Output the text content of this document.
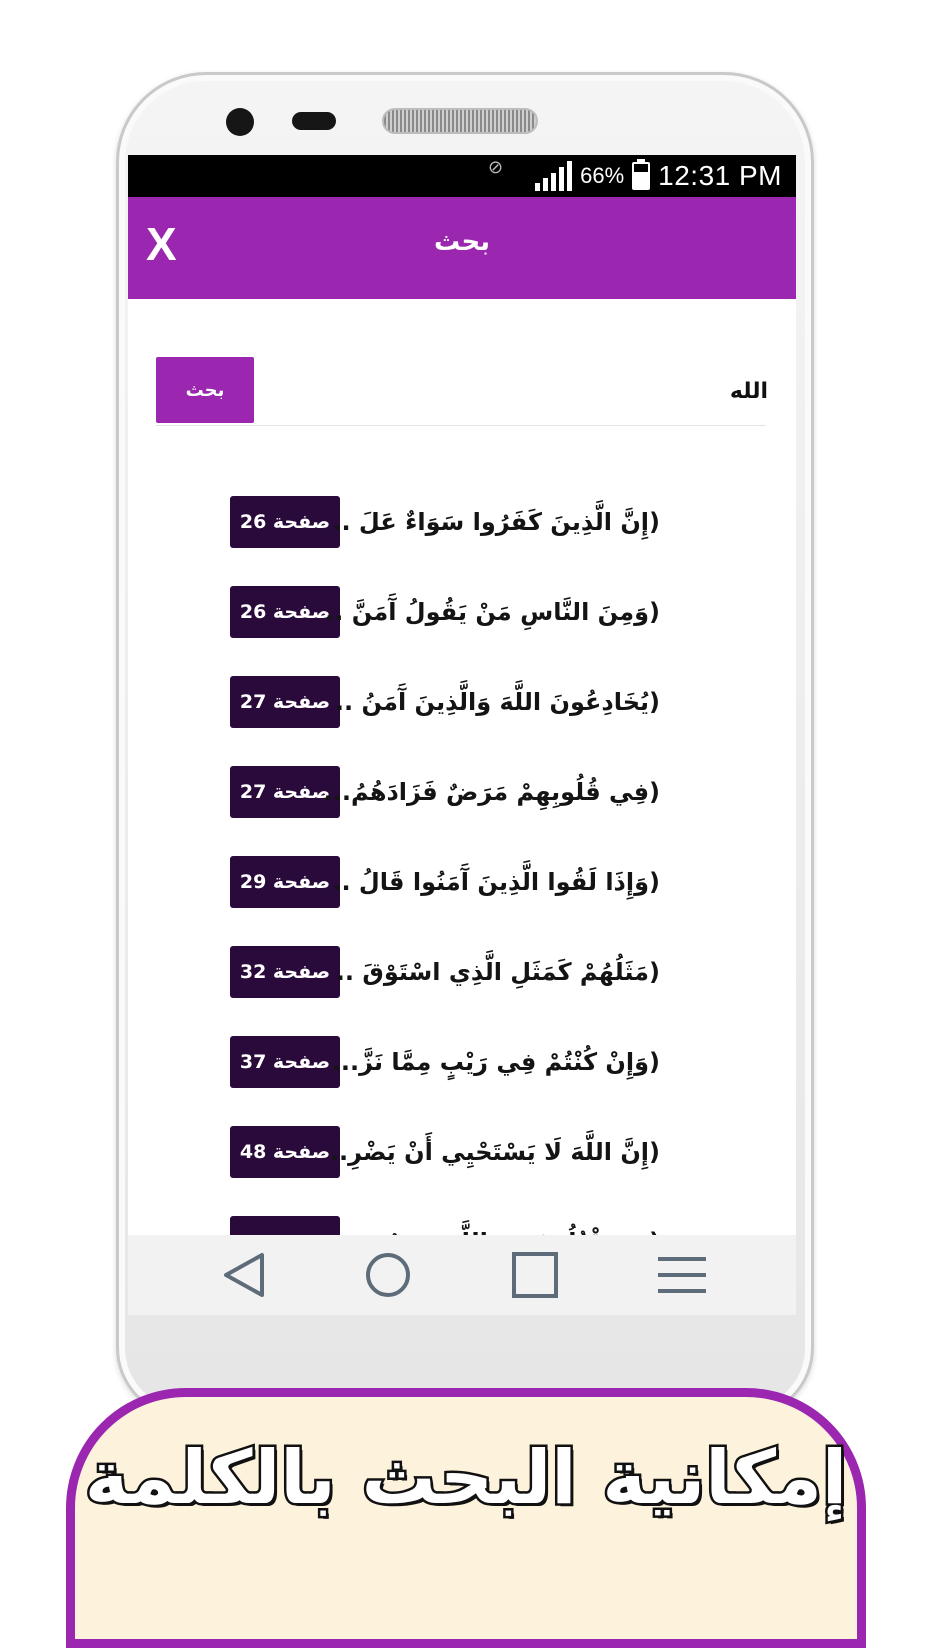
⊘	66% 12:31 PM
X	بحث
بحث
الله
صفحة 26 (إِنَّ الَّذِينَ كَفَرُوا سَوَاءٌ عَلَ ..
صفحة 26
(وَمِنَ النَّاسِ مَنْ يَقُولُ آَمَنَّ ..
صفحة 27 (يُخَادِعُونَ اللَّهَ وَالَّذِينَ آَمَنُ ..
صفحة 27
(فِي قُلُوبِهِمْ مَرَضٌ فَزَادَهُمُ...
صفحة 29 (وَإِذَا لَقُوا الَّذِينَ آَمَنُوا قَالُ ..
صفحة 32 (مَثَلُهُمْ كَمَثَلِ الَّذِي اسْتَوْقَ ..
صفحة 37 (وَإِنْ كُنْتُمْ فِي رَيْبٍ مِمَّا نَزَّ...
صفحة 48 (إِنَّ اللَّهَ لَا يَسْتَحْيِي أَنْ يَضْرِ..
إمكانية البحث بالكلمة
